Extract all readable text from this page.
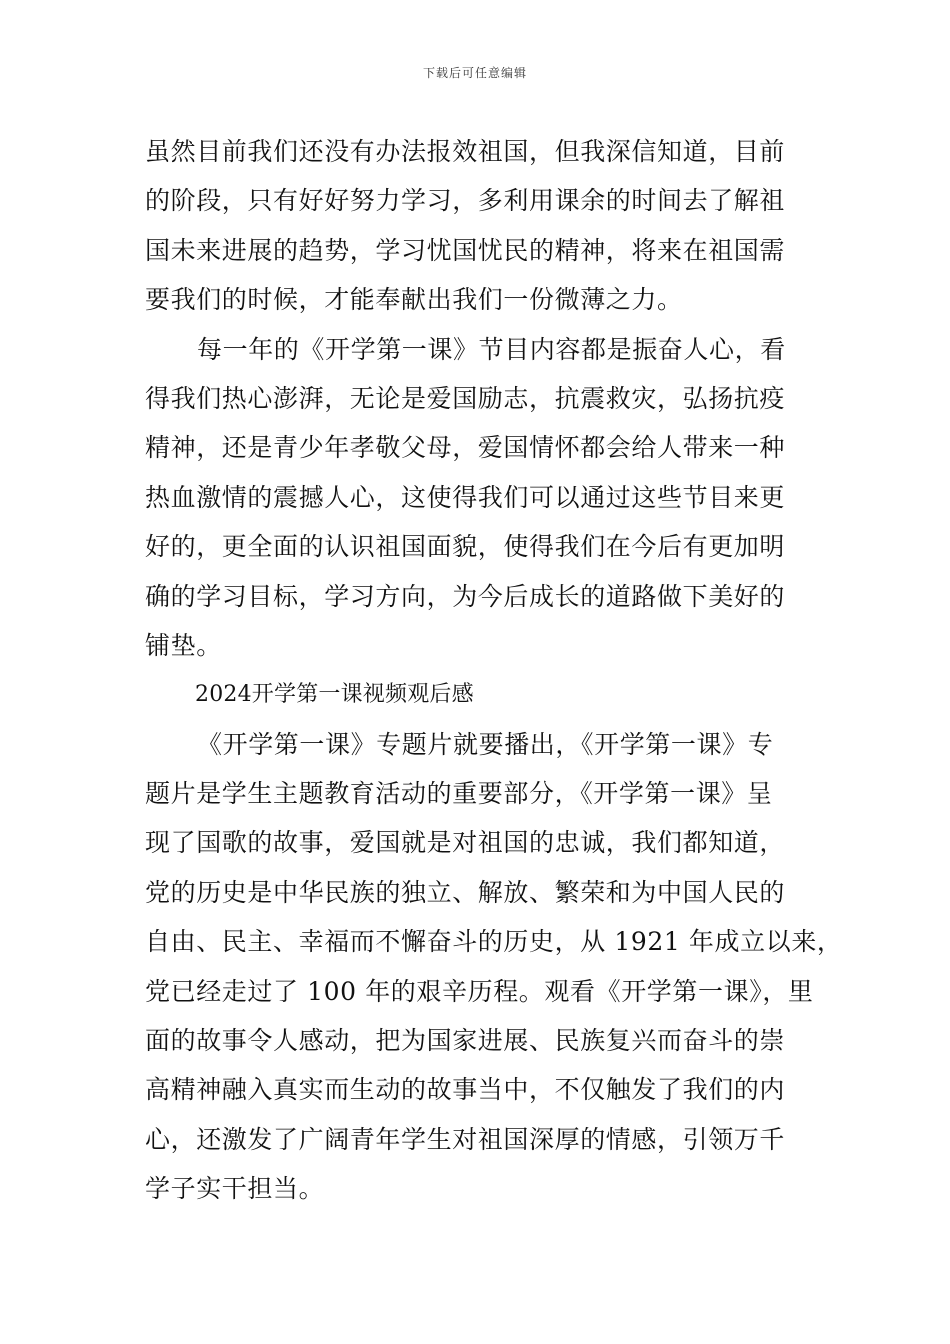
下载后可任意编辑
虽然目前我们还没有办法报效祖国，但我深信知道，目前
的阶段，只有好好努力学习，多利用课余的时间去了解祖
国未来进展的趋势，学习忧国忧民的精神，将来在祖国需
要我们的时候，才能奉献出我们一份微薄之力。
每一年的《开学第一课》节目内容都是振奋人心，看
得我们热心澎湃，无论是爱国励志，抗震救灾，弘扬抗疫
精神，还是青少年孝敬父母，爱国情怀都会给人带来一种
热血激情的震撼人心，这使得我们可以通过这些节目来更
好的，更全面的认识祖国面貌，使得我们在今后有更加明
确的学习目标，学习方向，为今后成长的道路做下美好的
铺垫。
2024开学第一课视频观后感
《开学第一课》专题片就要播出，《开学第一课》专
题片是学生主题教育活动的重要部分，《开学第一课》呈
现了国歌的故事，爱国就是对祖国的忠诚，我们都知道，
党的历史是中华民族的独立、解放、繁荣和为中国人民的
自由、民主、幸福而不懈奋斗的历史，从 1921 年成立以来，
党已经走过了 100 年的艰辛历程。观看《开学第一课》，里
面的故事令人感动，把为国家进展、民族复兴而奋斗的崇
高精神融入真实而生动的故事当中，不仅触发了我们的内
心，还激发了广阔青年学生对祖国深厚的情感，引领万千
学子实干担当。
